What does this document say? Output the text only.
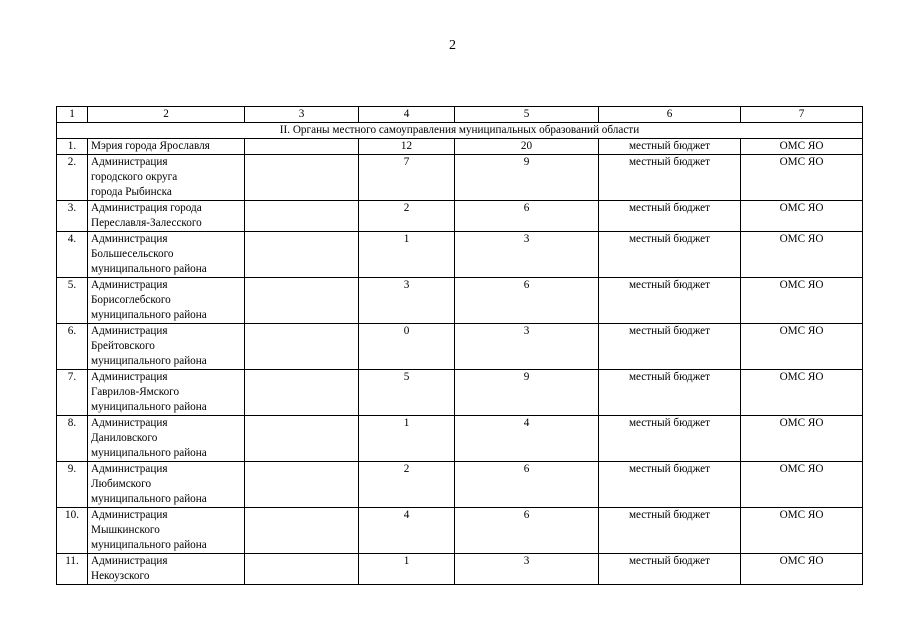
2
1	2	3	4	5	6	7
II. Органы местного самоуправления муниципальных образований области						

1.	Мэрия города Ярославля		12	20	местный бюджет	ОМС ЯО

2.	Администрация
городского округа
города Рыбинска		7	9	местный бюджет	ОМС ЯО

3.	Администрация города
Переславля-Залесского		2	6	местный бюджет	ОМС ЯО

4.	Администрация
Большесельского
муниципального района		1	3	местный бюджет	ОМС ЯО

5.	Администрация
Борисоглебского
муниципального района		3	6	местный бюджет	ОМС ЯО

6.	Администрация
Брейтовского
муниципального района		0	3	местный бюджет	ОМС ЯО

7.	Администрация
Гаврилов-Ямского
муниципального района		5	9	местный бюджет	ОМС ЯО

8.	Администрация
Даниловского
муниципального района		1	4	местный бюджет	ОМС ЯО

9.	Администрация
Любимского
муниципального района		2	6	местный бюджет	ОМС ЯО

10.	Администрация
Мышкинского
муниципального района		4	6	местный бюджет	ОМС ЯО

11.	Администрация
Некоузского		1	3	местный бюджет	ОМС ЯО
